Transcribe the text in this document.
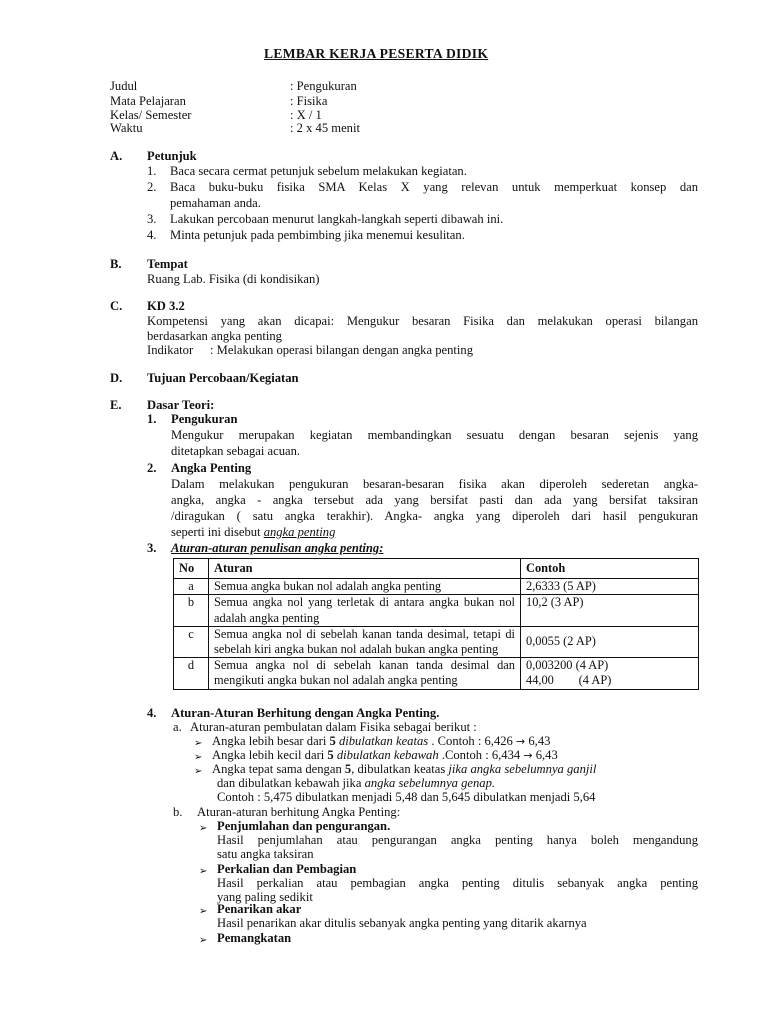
LEMBAR KERJA PESERTA DIDIK
Judul	: Pengukuran
Mata Pelajaran	: Fisika
Kelas/ Semester	: X / 1
Waktu	: 2 x 45 menit
A. Petunjuk
1. Baca secara cermat petunjuk sebelum melakukan kegiatan.
2. Baca buku-buku fisika SMA Kelas X yang relevan untuk memperkuat konsep dan
pemahaman anda.
3. Lakukan percobaan menurut langkah-langkah seperti dibawah ini.
4. Minta petunjuk pada pembimbing jika menemui kesulitan.
B. Tempat
Ruang Lab. Fisika (di kondisikan)
C. KD 3.2
Kompetensi yang akan dicapai: Mengukur besaran Fisika dan melakukan operasi bilangan
berdasarkan angka penting
Indikator : Melakukan operasi bilangan dengan angka penting
D. Tujuan Percobaan/Kegiatan
E. Dasar Teori:
1. Pengukuran
Mengukur merupakan kegiatan membandingkan sesuatu dengan besaran sejenis yang
ditetapkan sebagai acuan.
2. Angka Penting
Dalam melakukan pengukuran besaran-besaran fisika akan diperoleh sederetan angka-
angka, angka - angka tersebut ada yang bersifat pasti dan ada yang bersifat taksiran
/diragukan ( satu angka terakhir). Angka- angka yang diperoleh dari hasil pengukuran
seperti ini disebut angka penting
3. Aturan-aturan penulisan angka penting:
No	Aturan	Contoh
a	Semua angka bukan nol adalah angka penting	2,6333 (5 AP)
b	Semua angka nol yang terletak di antara angka bukan nol adalah angka penting	10,2 (3 AP)
c	Semua angka nol di sebelah kanan tanda desimal, tetapi di sebelah kiri angka bukan nol adalah bukan angka penting	0,0055 (2 AP)
d	Semua angka nol di sebelah kanan tanda desimal dan mengikuti angka bukan nol adalah angka penting	0,003200 (4 AP)
44,00        (4 AP)
4. Aturan-Aturan Berhitung dengan Angka Penting.
a. Aturan-aturan pembulatan dalam Fisika sebagai berikut :
➢ Angka lebih besar dari 5 dibulatkan keatas . Contoh : 6,426 → 6,43
➢ Angka lebih kecil dari 5 dibulatkan kebawah .Contoh : 6,434 → 6,43
➢ Angka tepat sama dengan 5, dibulatkan keatas jika angka sebelumnya ganjil
dan dibulatkan kebawah jika angka sebelumnya genap.
Contoh : 5,475 dibulatkan menjadi 5,48 dan 5,645 dibulatkan menjadi 5,64
b. Aturan-aturan berhitung Angka Penting:
➢ Penjumlahan dan pengurangan.
Hasil penjumlahan atau pengurangan angka penting hanya boleh mengandung
satu angka taksiran
➢ Perkalian dan Pembagian
Hasil perkalian atau pembagian angka penting ditulis sebanyak angka penting
yang paling sedikit
➢ Penarikan akar
Hasil penarikan akar ditulis sebanyak angka penting yang ditarik akarnya
➢ Pemangkatan
